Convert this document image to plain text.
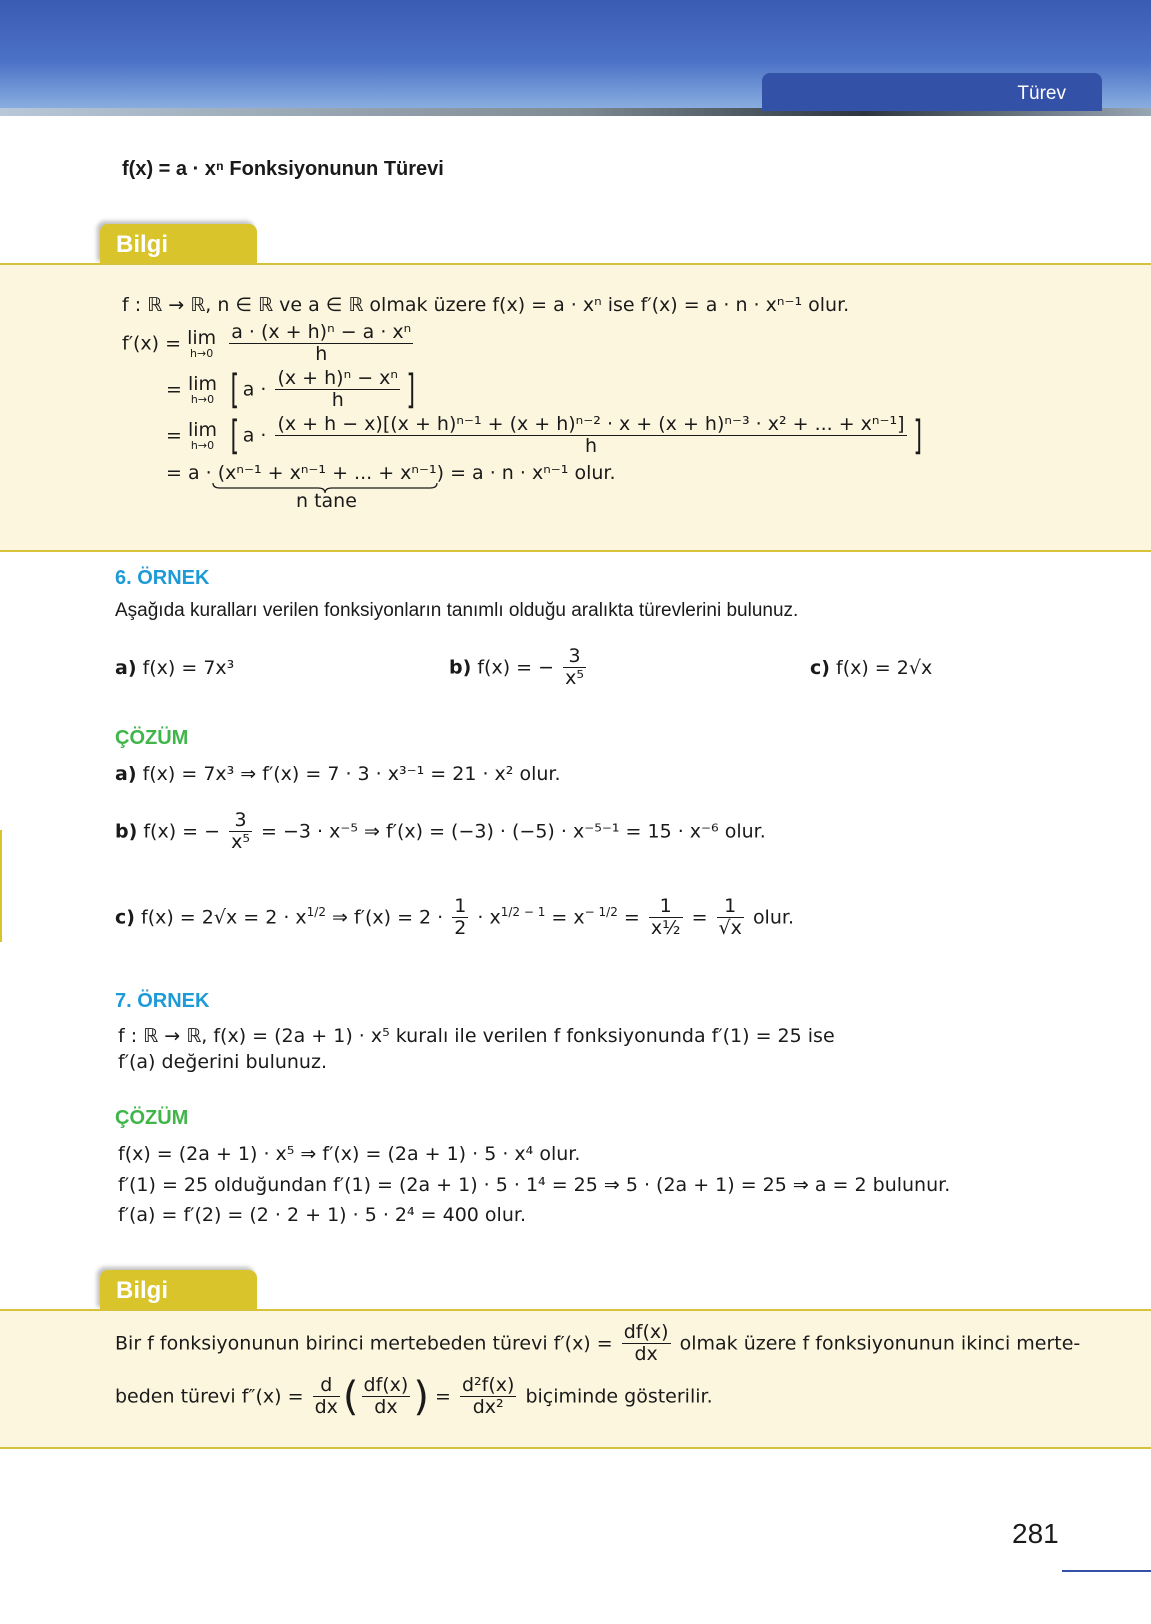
Türev
f(x) = a · xⁿ Fonksiyonunun Türevi
Bilgi
f : ℝ → ℝ, n ∈ ℝ ve a ∈ ℝ olmak üzere f(x) = a · xⁿ ise f′(x) = a · n · xⁿ⁻¹ olur.
f′(x) = lim
h→0
$\frac{\text{a · (x + h)ⁿ − a · xⁿ}}{h}$
= lim
h→0 [ $a \cdot \frac{\text{(x + h)ⁿ − xⁿ}}{h}$ ]
= lim
h→0 [ a ·
(x + h − x)[(x + h)ⁿ⁻¹ + (x + h)ⁿ⁻² · x + (x + h)ⁿ⁻³ · x² + ... + xⁿ⁻¹]
h	]
= a · (xⁿ⁻¹ + xⁿ⁻¹ + ... + xⁿ⁻¹) = a · n · xⁿ⁻¹ olur.
n tane
6. ÖRNEK
Aşağıda kuralları verilen fonksiyonların tanımlı olduğu aralıkta türevlerini bulunuz.
a) f(x) = 7x³	b) f(x) = − $\frac{3}{\text{x⁵}}$	c) f(x) = 2√x
ÇÖZÜM
a) f(x) = 7x³ ⇒ f′(x) = 7 · 3 · x³⁻¹ = 21 · x² olur.
b) f(x) = − $\frac{3}{\text{x⁵}} = -3 \cdot x^{-5}$ ⇒ f′(x) = (−3) · (−5) · x⁻⁵⁻¹ = 15 · x⁻⁶ olur.
c) $f(x) = 2√x = 2 \cdot x^{1/2}$ ⇒ $f'(x) = 2 \cdot \frac{1}{2} \cdot x^{1/2 - 1} = x^{- 1/2} = \frac{1}{\text{x½}} = \frac{1}{√x}$ olur.
7. ÖRNEK
f : ℝ → ℝ, f(x) = (2a + 1) · x⁵ kuralı ile verilen f fonksiyonunda f′(1) = 25 ise
f′(a) değerini bulunuz.
ÇÖZÜM
f(x) = (2a + 1) · x⁵ ⇒ f′(x) = (2a + 1) · 5 · x⁴ olur.
f′(1) = 25 olduğundan f′(1) = (2a + 1) · 5 · 1⁴ = 25 ⇒ 5 · (2a + 1) = 25 ⇒ a = 2 bulunur.
f′(a) = f′(2) = (2 · 2 + 1) · 5 · 2⁴ = 400 olur.
Bilgi
Bir f fonksiyonunun birinci mertebeden türevi $f'(x) = \frac{df(x)}{dx}$ olmak üzere f fonksiyonunun ikinci merte-
beden türevi $f''(x) = \frac{d}{dx}$ ( $\frac{df(x)}{dx}$ ) = $\frac{\text{d²f(x)}}{\text{dx²}}$ biçiminde gösterilir.
281
